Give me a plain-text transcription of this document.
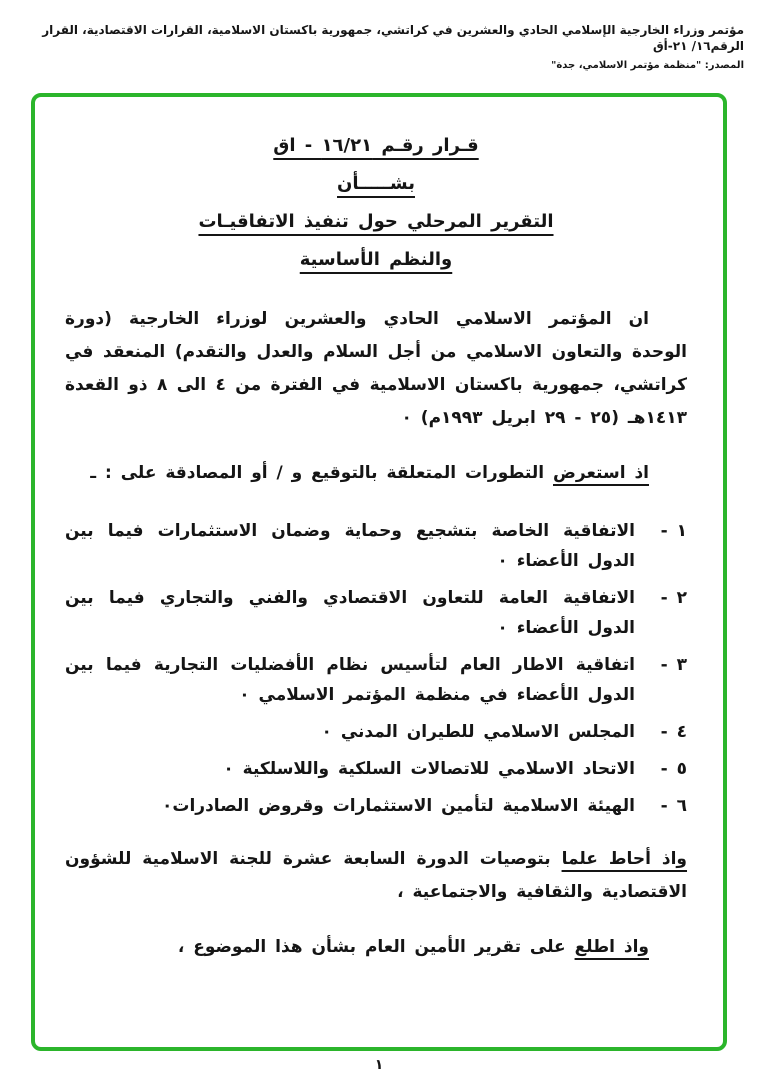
مؤتمر وزراء الخارجية الإسلامي الحادي والعشرين في كراتشي، جمهورية باكستان الاسلامية، القرارات الاقتصادية، القرار الرقم١٦/ ٢١-أق
المصدر: "منظمة مؤتمر الاسلامي، جدة"
قـرار رقـم ١٦/٢١ - اق
بشـــــأن
التقرير المرحلي حول تنفيذ الاتفاقيـات
والنظم الأساسية

ان المؤتمر الاسلامي الحادي والعشرين لوزراء الخارجية (دورة الوحدة والتعاون الاسلامي من أجل السلام والعدل والتقدم) المنعقد في كراتشي، جمهورية باكستان الاسلامية في الفترة من ٤ الى ٨ ذو القعدة ١٤١٣هـ (٢٥ - ٢٩ ابريل ١٩٩٣م) ٠

اذ استعرض التطورات المتعلقة بالتوقيع و / أو المصادقة على : ـ

١ -
الاتفاقية الخاصة بتشجيع وحماية وضمان الاستثمارات فيما بين الدول الأعضاء ٠
٢ -
الاتفاقية العامة للتعاون الاقتصادي والفني والتجاري فيما بين الدول الأعضاء ٠
٣ -
اتفاقية الاطار العام لتأسيس نظام الأفضليات التجارية فيما بين الدول الأعضاء في منظمة المؤتمر الاسلامي ٠
٤ -
المجلس الاسلامي للطيران المدني ٠
٥ -
الاتحاد الاسلامي للاتصالات السلكية واللاسلكية ٠
٦ -
الهيئة الاسلامية لتأمين الاستثمارات وقروض الصادرات٠

واذ أحاط علما بتوصيات الدورة السابعة عشرة للجنة الاسلامية للشؤون الاقتصادية والثقافية والاجتماعية ،

واذ اطلع على تقرير الأمين العام بشأن هذا الموضوع ،

١
